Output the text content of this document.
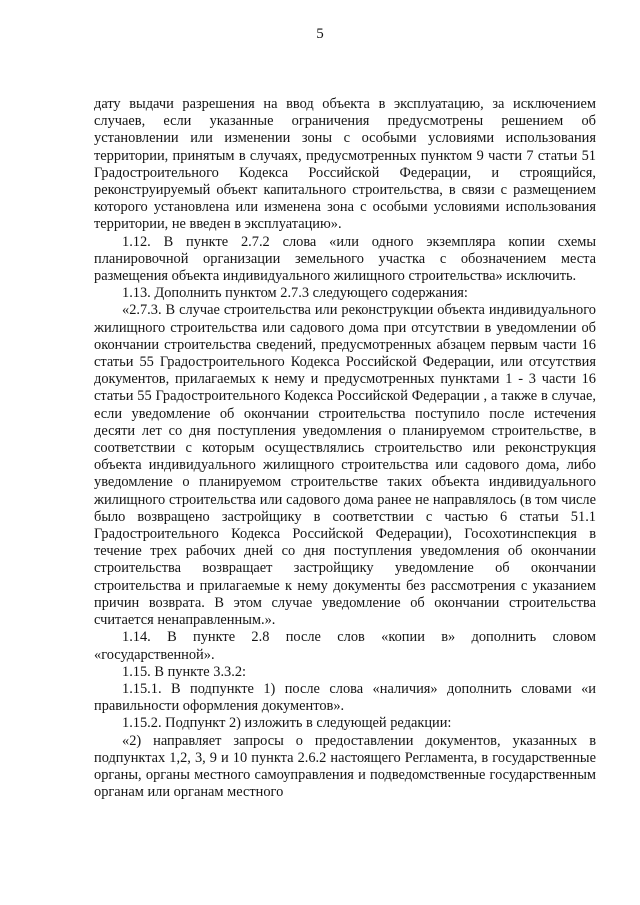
5

дату выдачи разрешения на ввод объекта в эксплуатацию, за исключением случаев, если указанные ограничения предусмотрены решением об установлении или изменении зоны с особыми условиями использования территории, принятым в случаях, предусмотренных пунктом 9 части 7 статьи 51 Градостроительного Кодекса Российской Федерации, и строящийся, реконструируемый объект капитального строительства, в связи с размещением которого установлена или изменена зона с особыми условиями использования территории, не введен в эксплуатацию».

1.12. В пункте 2.7.2 слова «или одного экземпляра копии схемы планировочной организации земельного участка с обозначением места размещения объекта индивидуального жилищного строительства» исключить.

1.13. Дополнить пунктом 2.7.3 следующего содержания:

«2.7.3. В случае строительства или реконструкции объекта индивидуального жилищного строительства или садового дома при отсутствии в уведомлении об окончании строительства сведений, предусмотренных абзацем первым части 16 статьи 55 Градостроительного Кодекса Российской Федерации, или отсутствия документов, прилагаемых к нему и предусмотренных пунктами 1 - 3 части 16 статьи 55 Градостроительного Кодекса Российской Федерации , а также в случае, если уведомление об окончании строительства поступило после истечения десяти лет со дня поступления уведомления о планируемом строительстве, в соответствии с которым осуществлялись строительство или реконструкция объекта индивидуального жилищного строительства или садового дома, либо уведомление о планируемом строительстве таких объекта индивидуального жилищного строительства или садового дома ранее не направлялось (в том числе было возвращено застройщику в соответствии с частью 6 статьи 51.1 Градостроительного Кодекса Российской Федерации), Госохотинспекция в течение трех рабочих дней со дня поступления уведомления об окончании строительства возвращает застройщику уведомление об окончании строительства и прилагаемые к нему документы без рассмотрения с указанием причин возврата. В этом случае уведомление об окончании строительства считается ненаправленным.».

1.14. В пункте 2.8 после слов «копии в» дополнить словом «государственной».

1.15. В пункте 3.3.2:

1.15.1. В подпункте 1) после слова «наличия» дополнить словами «и правильности оформления документов».

1.15.2. Подпункт 2) изложить в следующей редакции:

«2) направляет запросы о предоставлении документов, указанных в подпунктах 1,2, 3, 9 и 10 пункта 2.6.2 настоящего Регламента, в государственные органы, органы местного самоуправления и подведомственные государственным органам или органам местного
